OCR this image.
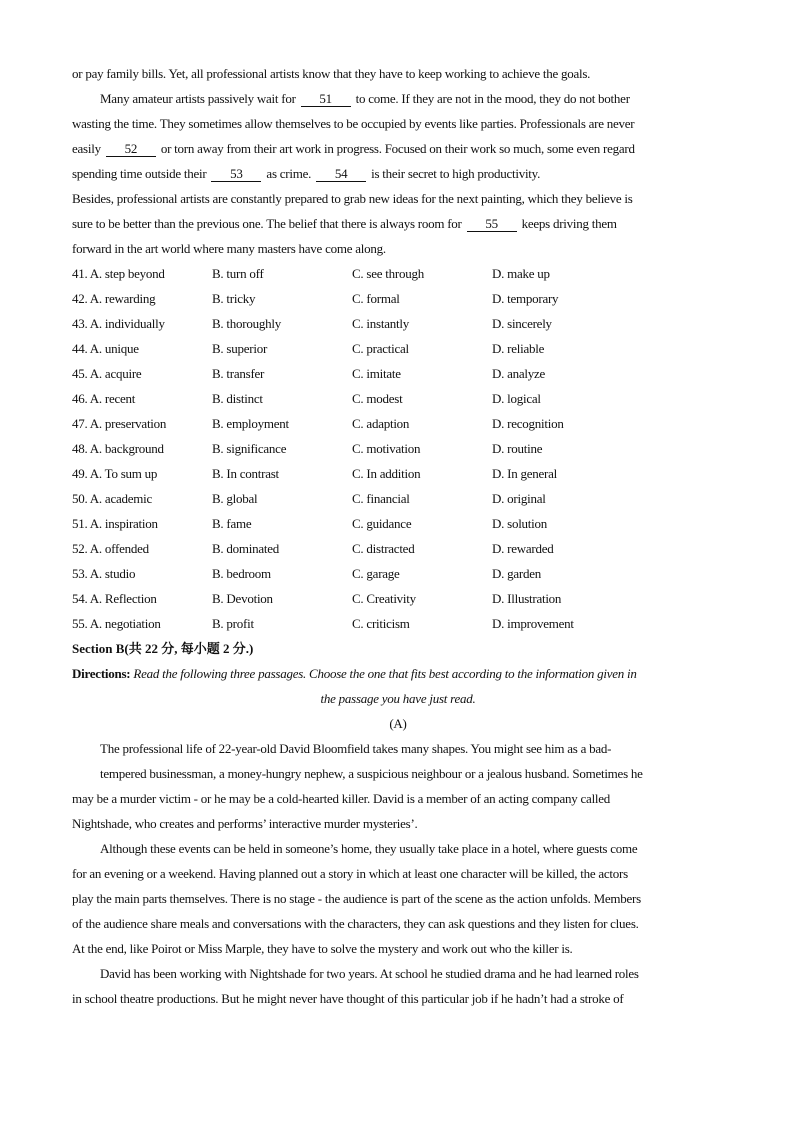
or pay family bills. Yet, all professional artists know that they have to keep working to achieve the goals.
Many amateur artists passively wait for 51 to come. If they are not in the mood, they do not bother
wasting the time. They sometimes allow themselves to be occupied by events like parties. Professionals are never
easily 52 or torn away from their art work in progress. Focused on their work so much, some even regard
spending time outside their 53 as crime. 54 is their secret to high productivity.
Besides, professional artists are constantly prepared to grab new ideas for the next painting, which they believe is
sure to be better than the previous one. The belief that there is always room for 55 keeps driving them
forward in the art world where many masters have come along.
41. A. step beyond	B. turn off	C. see through	D. make up
42. A. rewarding	B. tricky	C. formal	D. temporary
43. A. individually	B. thoroughly	C. instantly	D. sincerely
44. A. unique	B. superior	C. practical	D. reliable
45. A. acquire	B. transfer	C. imitate	D. analyze
46. A. recent	B. distinct	C. modest	D. logical
47. A. preservation	B. employment	C. adaption	D. recognition
48. A. background	B. significance	C. motivation	D. routine
49. A. To sum up	B. In contrast	C. In addition	D. In general
50. A. academic	B. global	C. financial	D. original
51. A. inspiration	B. fame	C. guidance	D. solution
52. A. offended	B. dominated	C. distracted	D. rewarded
53. A. studio	B. bedroom	C. garage	D. garden
54. A. Reflection	B. Devotion	C. Creativity	D. Illustration
55. A. negotiation	B. profit	C. criticism	D. improvement
Section B(共 22 分, 每小题 2 分.)
Directions: Read the following three passages. Choose the one that fits best according to the information given in
the passage you have just read.
(A)
The professional life of 22-year-old David Bloomfield takes many shapes. You might see him as a bad-
tempered businessman, a money-hungry nephew, a suspicious neighbour or a jealous husband. Sometimes he
may be a murder victim - or he may be a cold-hearted killer. David is a member of an acting company called
Nightshade, who creates and performs’ interactive murder mysteries’.
Although these events can be held in someone’s home, they usually take place in a hotel, where guests come
for an evening or a weekend. Having planned out a story in which at least one character will be killed, the actors
play the main parts themselves. There is no stage - the audience is part of the scene as the action unfolds. Members
of the audience share meals and conversations with the characters, they can ask questions and they listen for clues.
At the end, like Poirot or Miss Marple, they have to solve the mystery and work out who the killer is.
David has been working with Nightshade for two years. At school he studied drama and he had learned roles
in school theatre productions. But he might never have thought of this particular job if he hadn’t had a stroke of
